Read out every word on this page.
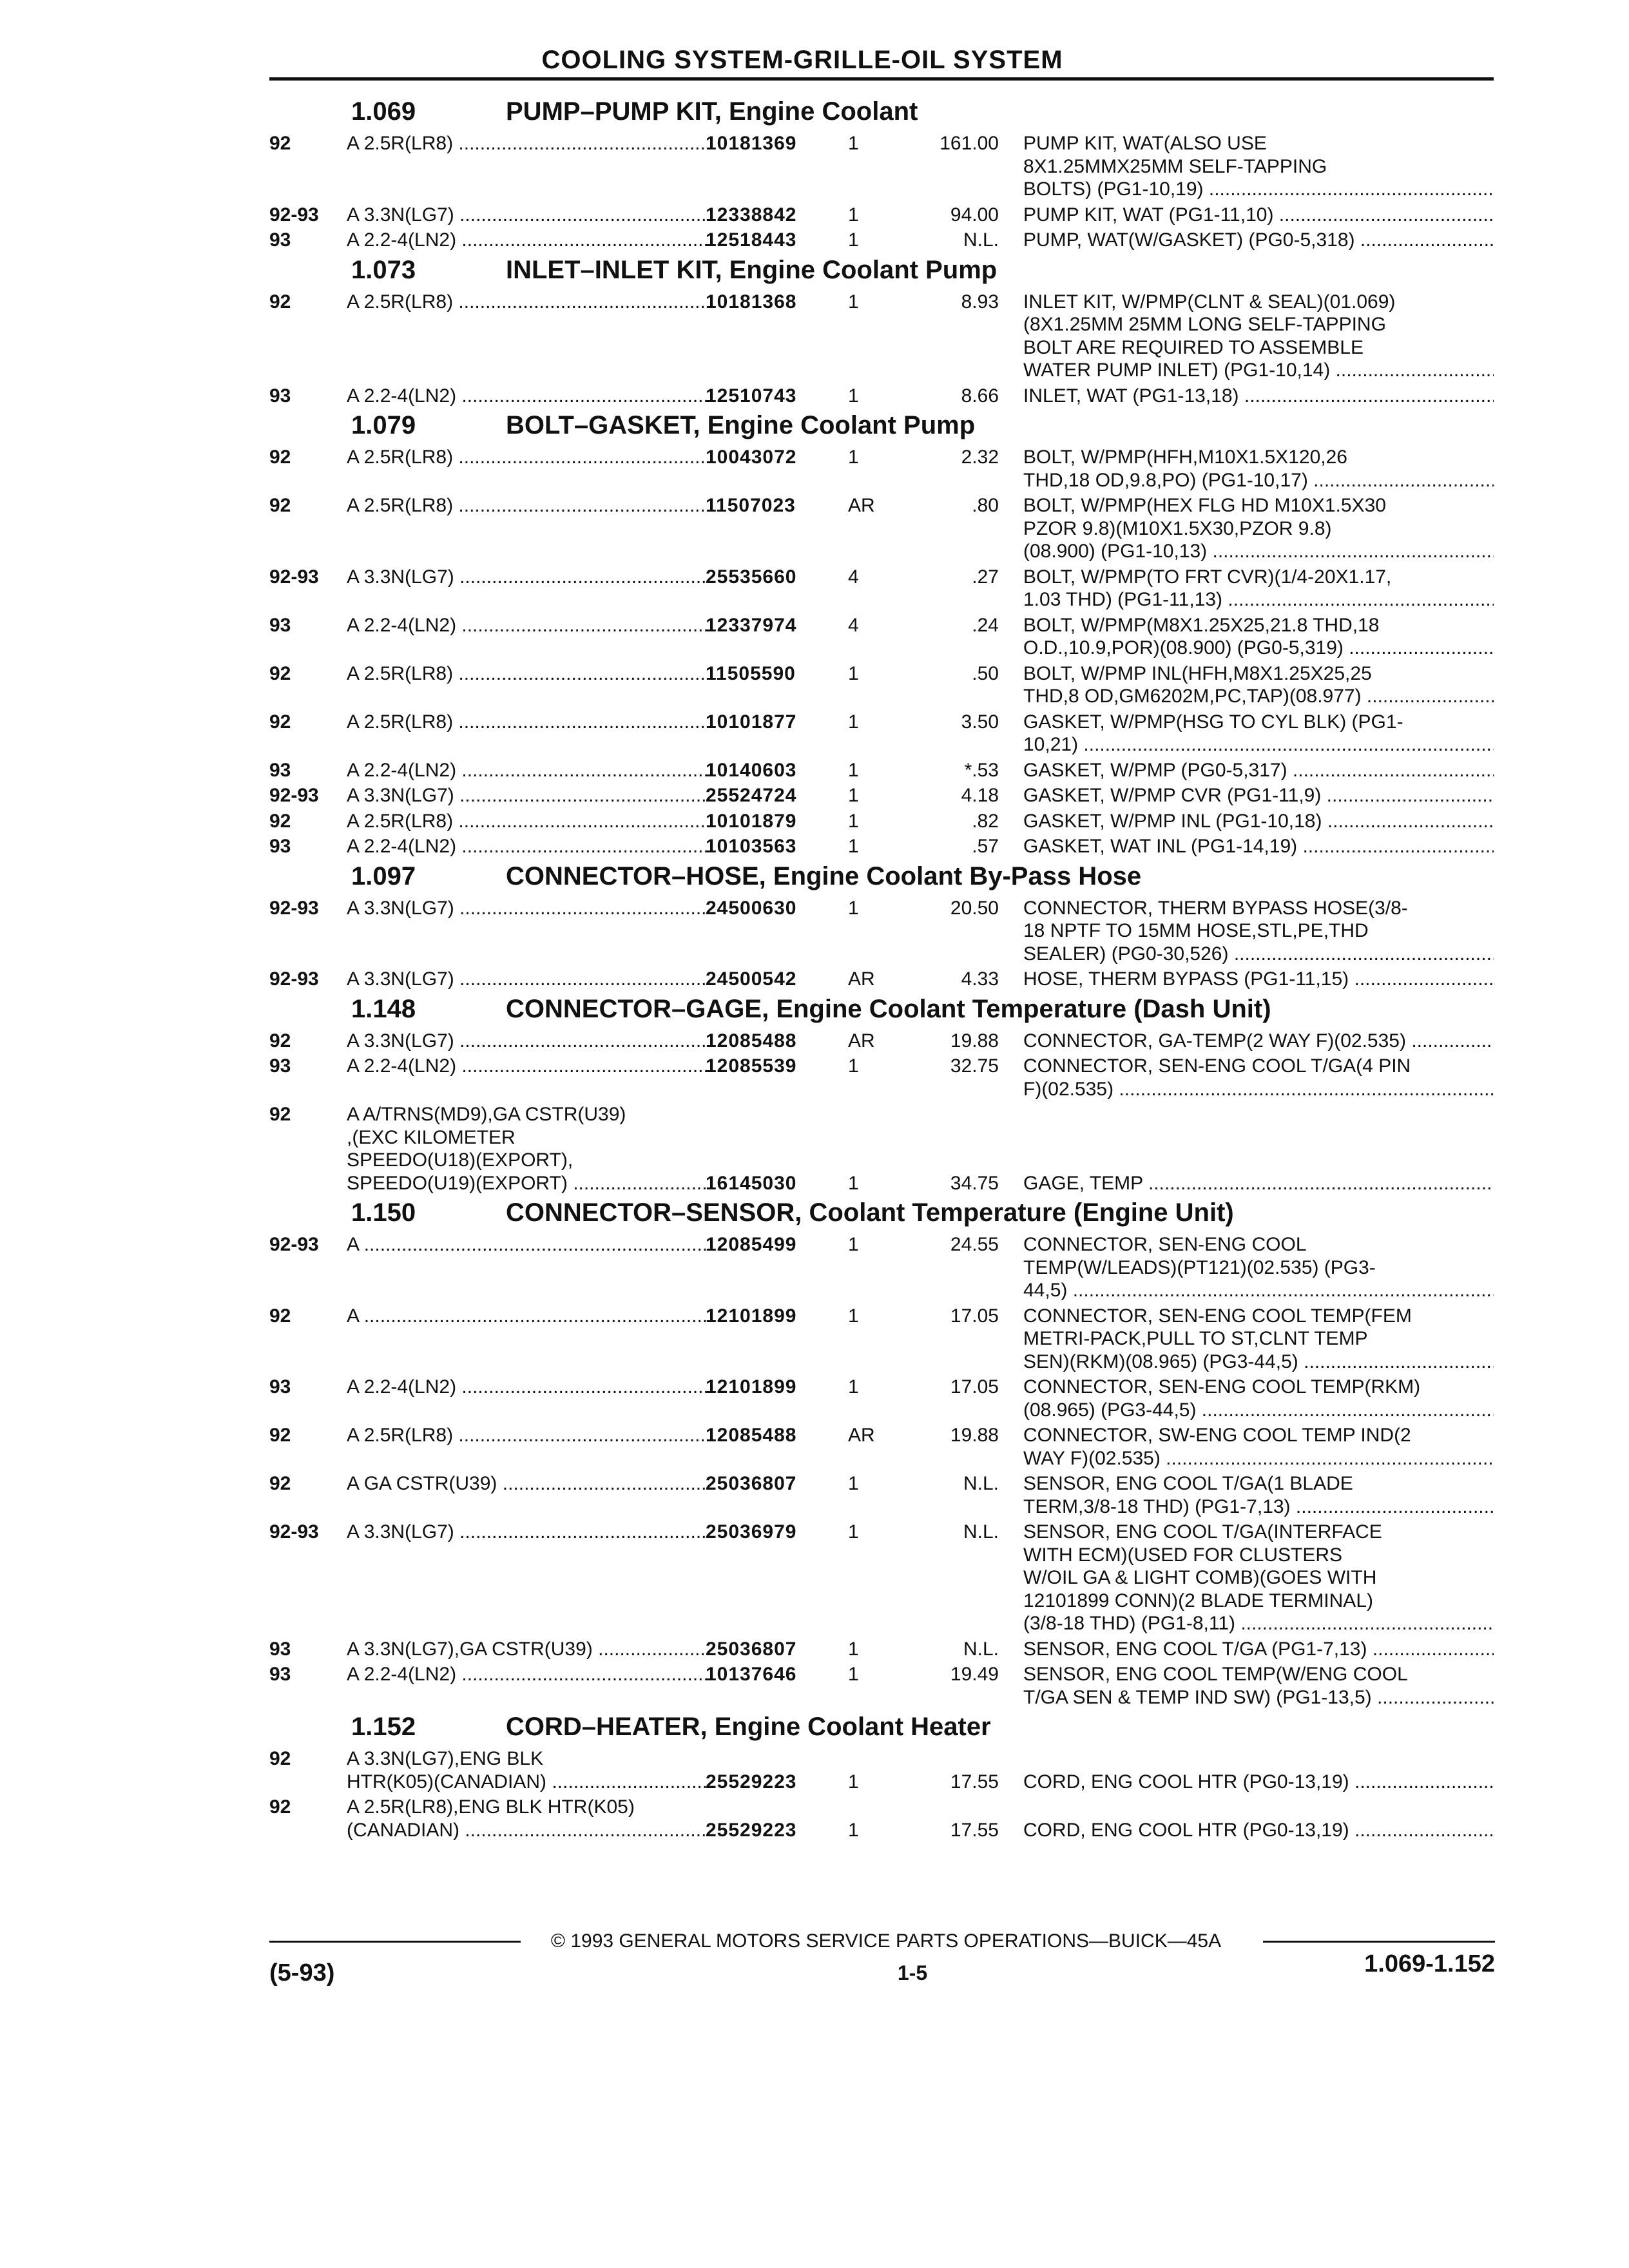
COOLING SYSTEM-GRILLE-OIL SYSTEM
1.069	PUMP–PUMP KIT, Engine Coolant
92	A 2.5R(LR8) .....	10181369	1	161.00 PUMP KIT, WAT(ALSO USE
8X1.25MMX25MM SELF-TAPPING
BOLTS) (PG1-10,19) .....
92-93 A 3.3N(LG7) .....	12338842	1	94.00 PUMP KIT, WAT (PG1-11,10) .....
93	A 2.2-4(LN2) .....	12518443	1	N.L. PUMP, WAT(W/GASKET) (PG0-5,318) .....
1.073	INLET–INLET KIT, Engine Coolant Pump
92	A 2.5R(LR8) .....	10181368	1	8.93 INLET KIT, W/PMP(CLNT & SEAL)(01.069)
(8X1.25MM 25MM LONG SELF-TAPPING
BOLT ARE REQUIRED TO ASSEMBLE
WATER PUMP INLET) (PG1-10,14) .....
93	A 2.2-4(LN2) .....	12510743	1	8.66 INLET, WAT (PG1-13,18) .....
1.079	BOLT–GASKET, Engine Coolant Pump
92	A 2.5R(LR8) .....	10043072	1	2.32 BOLT, W/PMP(HFH,M10X1.5X120,26
THD,18 OD,9.8,PO) (PG1-10,17) .....
92	A 2.5R(LR8) .....	11507023	AR	.80 BOLT, W/PMP(HEX FLG HD M10X1.5X30
PZOR 9.8)(M10X1.5X30,PZOR 9.8)
(08.900) (PG1-10,13) .....
92-93 A 3.3N(LG7) .....	25535660	4	.27 BOLT, W/PMP(TO FRT CVR)(1/4-20X1.17,
1.03 THD) (PG1-11,13) .....
93	A 2.2-4(LN2) .....	12337974	4	.24 BOLT, W/PMP(M8X1.25X25,21.8 THD,18
O.D.,10.9,POR)(08.900) (PG0-5,319) .....
92	A 2.5R(LR8) .....	11505590	1	.50 BOLT, W/PMP INL(HFH,M8X1.25X25,25
THD,8 OD,GM6202M,PC,TAP)(08.977) .....
92	A 2.5R(LR8) .....	10101877	1	3.50 GASKET, W/PMP(HSG TO CYL BLK) (PG1-
10,21) .....
93	A 2.2-4(LN2) .....	10140603	1	*.53 GASKET, W/PMP (PG0-5,317) .....
92-93 A 3.3N(LG7) .....	25524724	1	4.18 GASKET, W/PMP CVR (PG1-11,9) .....
92	A 2.5R(LR8) .....	10101879	1	.82 GASKET, W/PMP INL (PG1-10,18) .....
93	A 2.2-4(LN2) .....	10103563	1	.57 GASKET, WAT INL (PG1-14,19) .....
1.097	CONNECTOR–HOSE, Engine Coolant By-Pass Hose
92-93 A 3.3N(LG7) .....	24500630	1	20.50 CONNECTOR, THERM BYPASS HOSE(3/8-
18 NPTF TO 15MM HOSE,STL,PE,THD
SEALER) (PG0-30,526) .....
92-93 A 3.3N(LG7) .....	24500542	AR	4.33 HOSE, THERM BYPASS (PG1-11,15) .....
1.148	CONNECTOR–GAGE, Engine Coolant Temperature (Dash Unit)
92	A 3.3N(LG7) .....	12085488	AR	19.88 CONNECTOR, GA-TEMP(2 WAY F)(02.535) .....
93	A 2.2-4(LN2) .....	12085539	1	32.75 CONNECTOR, SEN-ENG COOL T/GA(4 PIN
F)(02.535) .....
92	A A/TRNS(MD9),GA CSTR(U39)
,(EXC KILOMETER
SPEEDO(U18)(EXPORT),
SPEEDO(U19)(EXPORT) .....	16145030	1	34.75 GAGE, TEMP .....
1.150	CONNECTOR–SENSOR, Coolant Temperature (Engine Unit)
92-93 A .....	12085499	1	24.55 CONNECTOR, SEN-ENG COOL
TEMP(W/LEADS)(PT121)(02.535) (PG3-
44,5) .....
92	A .....	12101899	1	17.05 CONNECTOR, SEN-ENG COOL TEMP(FEM
METRI-PACK,PULL TO ST,CLNT TEMP
SEN)(RKM)(08.965) (PG3-44,5) .....
93	A 2.2-4(LN2) .....	12101899	1	17.05 CONNECTOR, SEN-ENG COOL TEMP(RKM)
(08.965) (PG3-44,5) .....
92	A 2.5R(LR8) .....	12085488	AR	19.88 CONNECTOR, SW-ENG COOL TEMP IND(2
WAY F)(02.535) .....
92	A GA CSTR(U39) .....	25036807	1	N.L. SENSOR, ENG COOL T/GA(1 BLADE
TERM,3/8-18 THD) (PG1-7,13) .....
92-93 A 3.3N(LG7) .....	25036979	1	N.L. SENSOR, ENG COOL T/GA(INTERFACE
WITH ECM)(USED FOR CLUSTERS
W/OIL GA & LIGHT COMB)(GOES WITH
12101899 CONN)(2 BLADE TERMINAL)
(3/8-18 THD) (PG1-8,11) .....
93	A 3.3N(LG7),GA CSTR(U39) .....	25036807	1	N.L. SENSOR, ENG COOL T/GA (PG1-7,13) .....
93	A 2.2-4(LN2) .....	10137646	1	19.49 SENSOR, ENG COOL TEMP(W/ENG COOL
T/GA SEN & TEMP IND SW) (PG1-13,5) .....
1.152	CORD–HEATER, Engine Coolant Heater
92	A 3.3N(LG7),ENG BLK
HTR(K05)(CANADIAN) .....	25529223	1	17.55 CORD, ENG COOL HTR (PG0-13,19) .....
92	A 2.5R(LR8),ENG BLK HTR(K05)
(CANADIAN) .....	25529223	1	17.55 CORD, ENG COOL HTR (PG0-13,19) .....
© 1993 GENERAL MOTORS SERVICE PARTS OPERATIONS—BUICK—45A
(5-93)	1-5	1.069-1.152
